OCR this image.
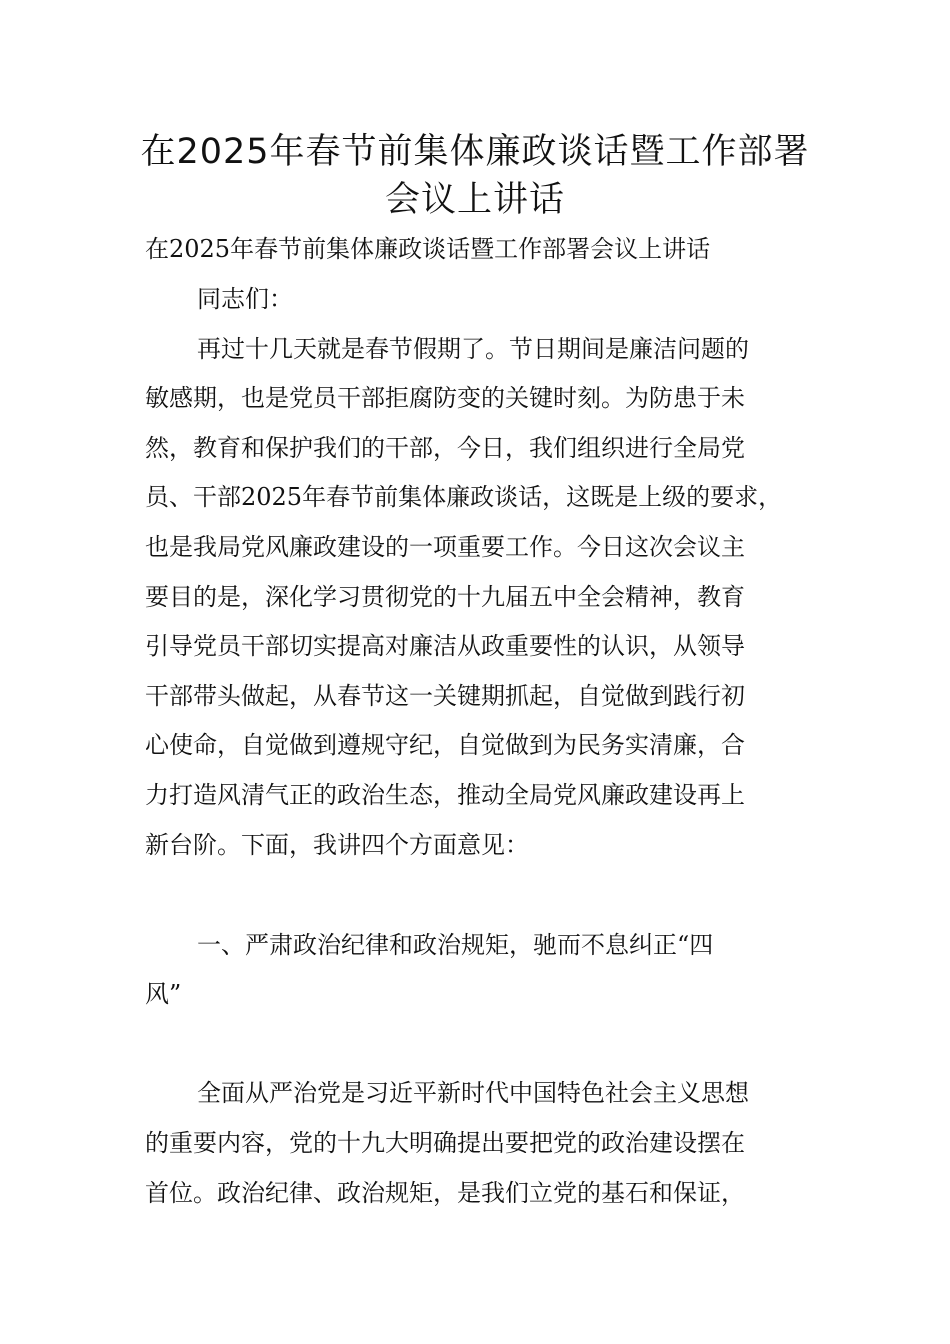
在2025年春节前集体廉政谈话暨工作部署
会议上讲话
在2025年春节前集体廉政谈话暨工作部署会议上讲话
同志们：
再过十几天就是春节假期了。节日期间是廉洁问题的
敏感期，也是党员干部拒腐防变的关键时刻。为防患于未
然，教育和保护我们的干部，今日，我们组织进行全局党
员、干部2025年春节前集体廉政谈话，这既是上级的要求，
也是我局党风廉政建设的一项重要工作。今日这次会议主
要目的是，深化学习贯彻党的十九届五中全会精神，教育
引导党员干部切实提高对廉洁从政重要性的认识，从领导
干部带头做起，从春节这一关键期抓起，自觉做到践行初
心使命，自觉做到遵规守纪，自觉做到为民务实清廉，合
力打造风清气正的政治生态，推动全局党风廉政建设再上
新台阶。下面，我讲四个方面意见：
一、严肃政治纪律和政治规矩，驰而不息纠正“四
风”
全面从严治党是习近平新时代中国特色社会主义思想
的重要内容，党的十九大明确提出要把党的政治建设摆在
首位。政治纪律、政治规矩，是我们立党的基石和保证，
